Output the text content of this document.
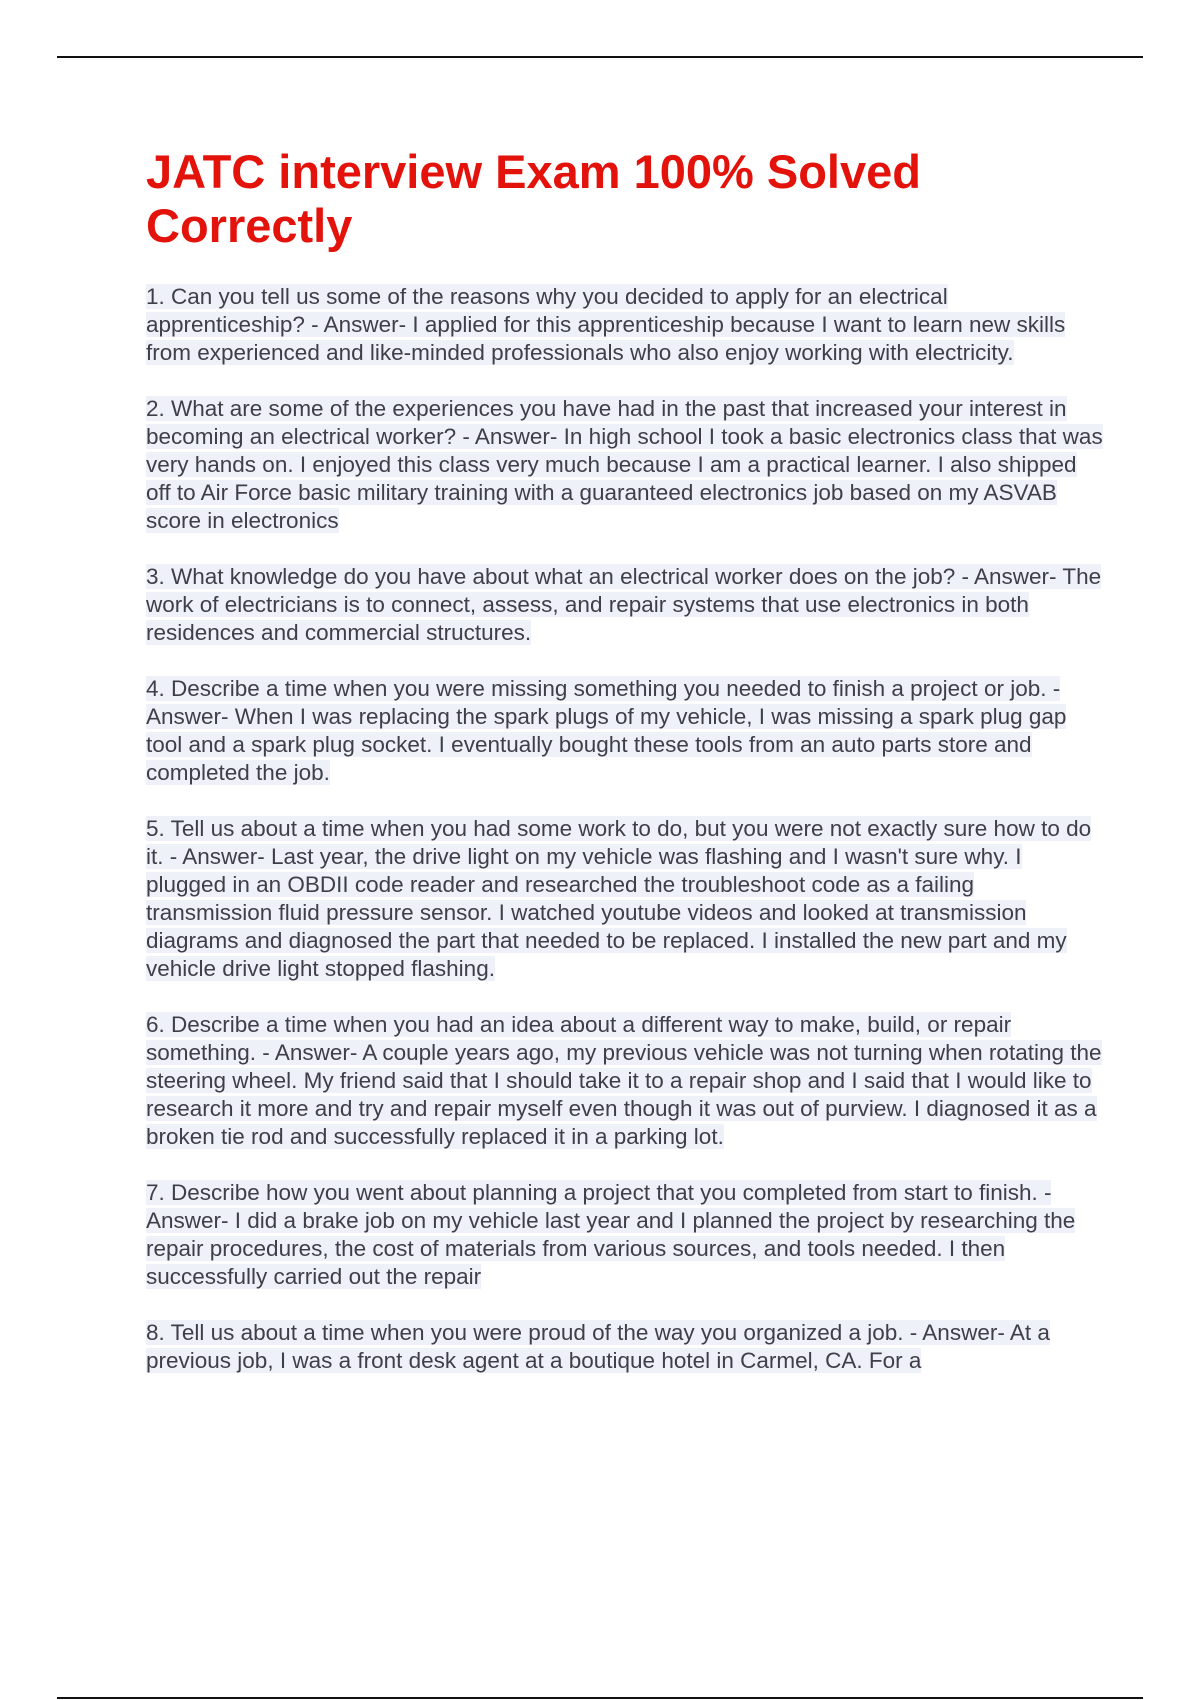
JATC interview Exam 100% Solved Correctly

1. Can you tell us some of the reasons why you decided to apply for an electrical apprenticeship? - Answer- I applied for this apprenticeship because I want to learn new skills from experienced and like-minded professionals who also enjoy working with electricity.

2. What are some of the experiences you have had in the past that increased your interest in becoming an electrical worker? - Answer- In high school I took a basic electronics class that was very hands on. I enjoyed this class very much because I am a practical learner. I also shipped off to Air Force basic military training with a guaranteed electronics job based on my ASVAB score in electronics

3. What knowledge do you have about what an electrical worker does on the job? - Answer- The work of electricians is to connect, assess, and repair systems that use electronics in both residences and commercial structures.

4. Describe a time when you were missing something you needed to finish a project or job. - Answer- When I was replacing the spark plugs of my vehicle, I was missing a spark plug gap tool and a spark plug socket. I eventually bought these tools from an auto parts store and completed the job.

5. Tell us about a time when you had some work to do, but you were not exactly sure how to do it. - Answer- Last year, the drive light on my vehicle was flashing and I wasn't sure why. I plugged in an OBDII code reader and researched the troubleshoot code as a failing transmission fluid pressure sensor. I watched youtube videos and looked at transmission diagrams and diagnosed the part that needed to be replaced. I installed the new part and my vehicle drive light stopped flashing.

6. Describe a time when you had an idea about a different way to make, build, or repair something. - Answer- A couple years ago, my previous vehicle was not turning when rotating the steering wheel. My friend said that I should take it to a repair shop and I said that I would like to research it more and try and repair myself even though it was out of purview. I diagnosed it as a broken tie rod and successfully replaced it in a parking lot.

7. Describe how you went about planning a project that you completed from start to finish. - Answer- I did a brake job on my vehicle last year and I planned the project by researching the repair procedures, the cost of materials from various sources, and tools needed. I then successfully carried out the repair

8. Tell us about a time when you were proud of the way you organized a job. - Answer- At a previous job, I was a front desk agent at a boutique hotel in Carmel, CA. For a
